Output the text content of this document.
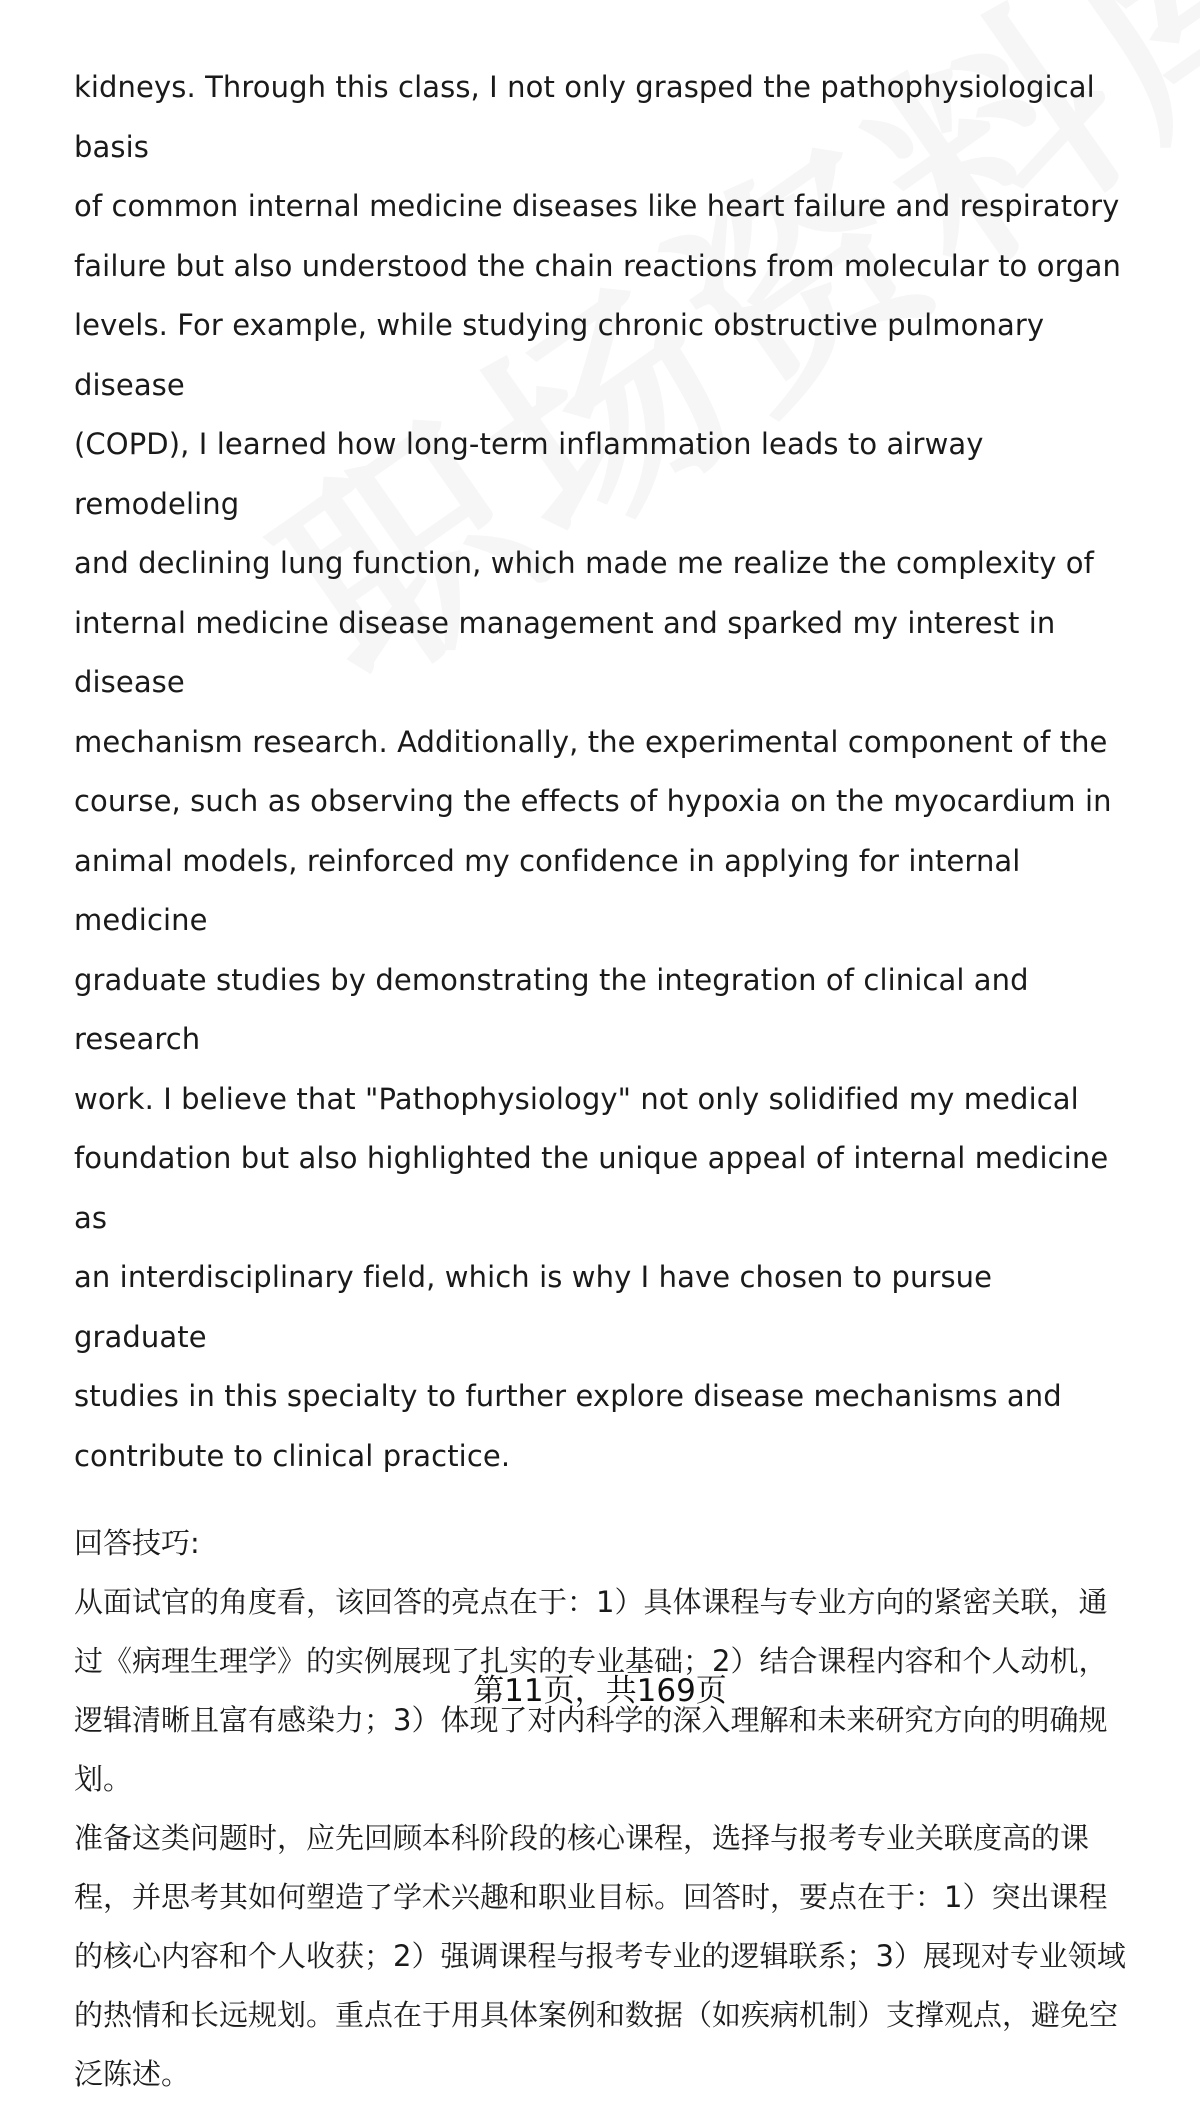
kidneys. Through this class, I not only grasped the pathophysiological basis
of common internal medicine diseases like heart failure and respiratory
failure but also understood the chain reactions from molecular to organ
levels. For example, while studying chronic obstructive pulmonary disease
(COPD), I learned how long-term inflammation leads to airway remodeling
and declining lung function, which made me realize the complexity of
internal medicine disease management and sparked my interest in disease
mechanism research. Additionally, the experimental component of the
course, such as observing the effects of hypoxia on the myocardium in
animal models, reinforced my confidence in applying for internal medicine
graduate studies by demonstrating the integration of clinical and research
work. I believe that "Pathophysiology" not only solidified my medical
foundation but also highlighted the unique appeal of internal medicine as
an interdisciplinary field, which is why I have chosen to pursue graduate
studies in this specialty to further explore disease mechanisms and
contribute to clinical practice.

回答技巧:

从面试官的角度看，该回答的亮点在于：1）具体课程与专业方向的紧密关联，通
过《病理生理学》的实例展现了扎实的专业基础；2）结合课程内容和个人动机，
逻辑清晰且富有感染力；3）体现了对内科学的深入理解和未来研究方向的明确规
划。

准备这类问题时，应先回顾本科阶段的核心课程，选择与报考专业关联度高的课
程，并思考其如何塑造了学术兴趣和职业目标。回答时，要点在于：1）突出课程
的核心内容和个人收获；2）强调课程与报考专业的逻辑联系；3）展现对专业领域
的热情和长远规划。重点在于用具体案例和数据（如疾病机制）支撑观点，避免空
泛陈述。

第11页，共169页
